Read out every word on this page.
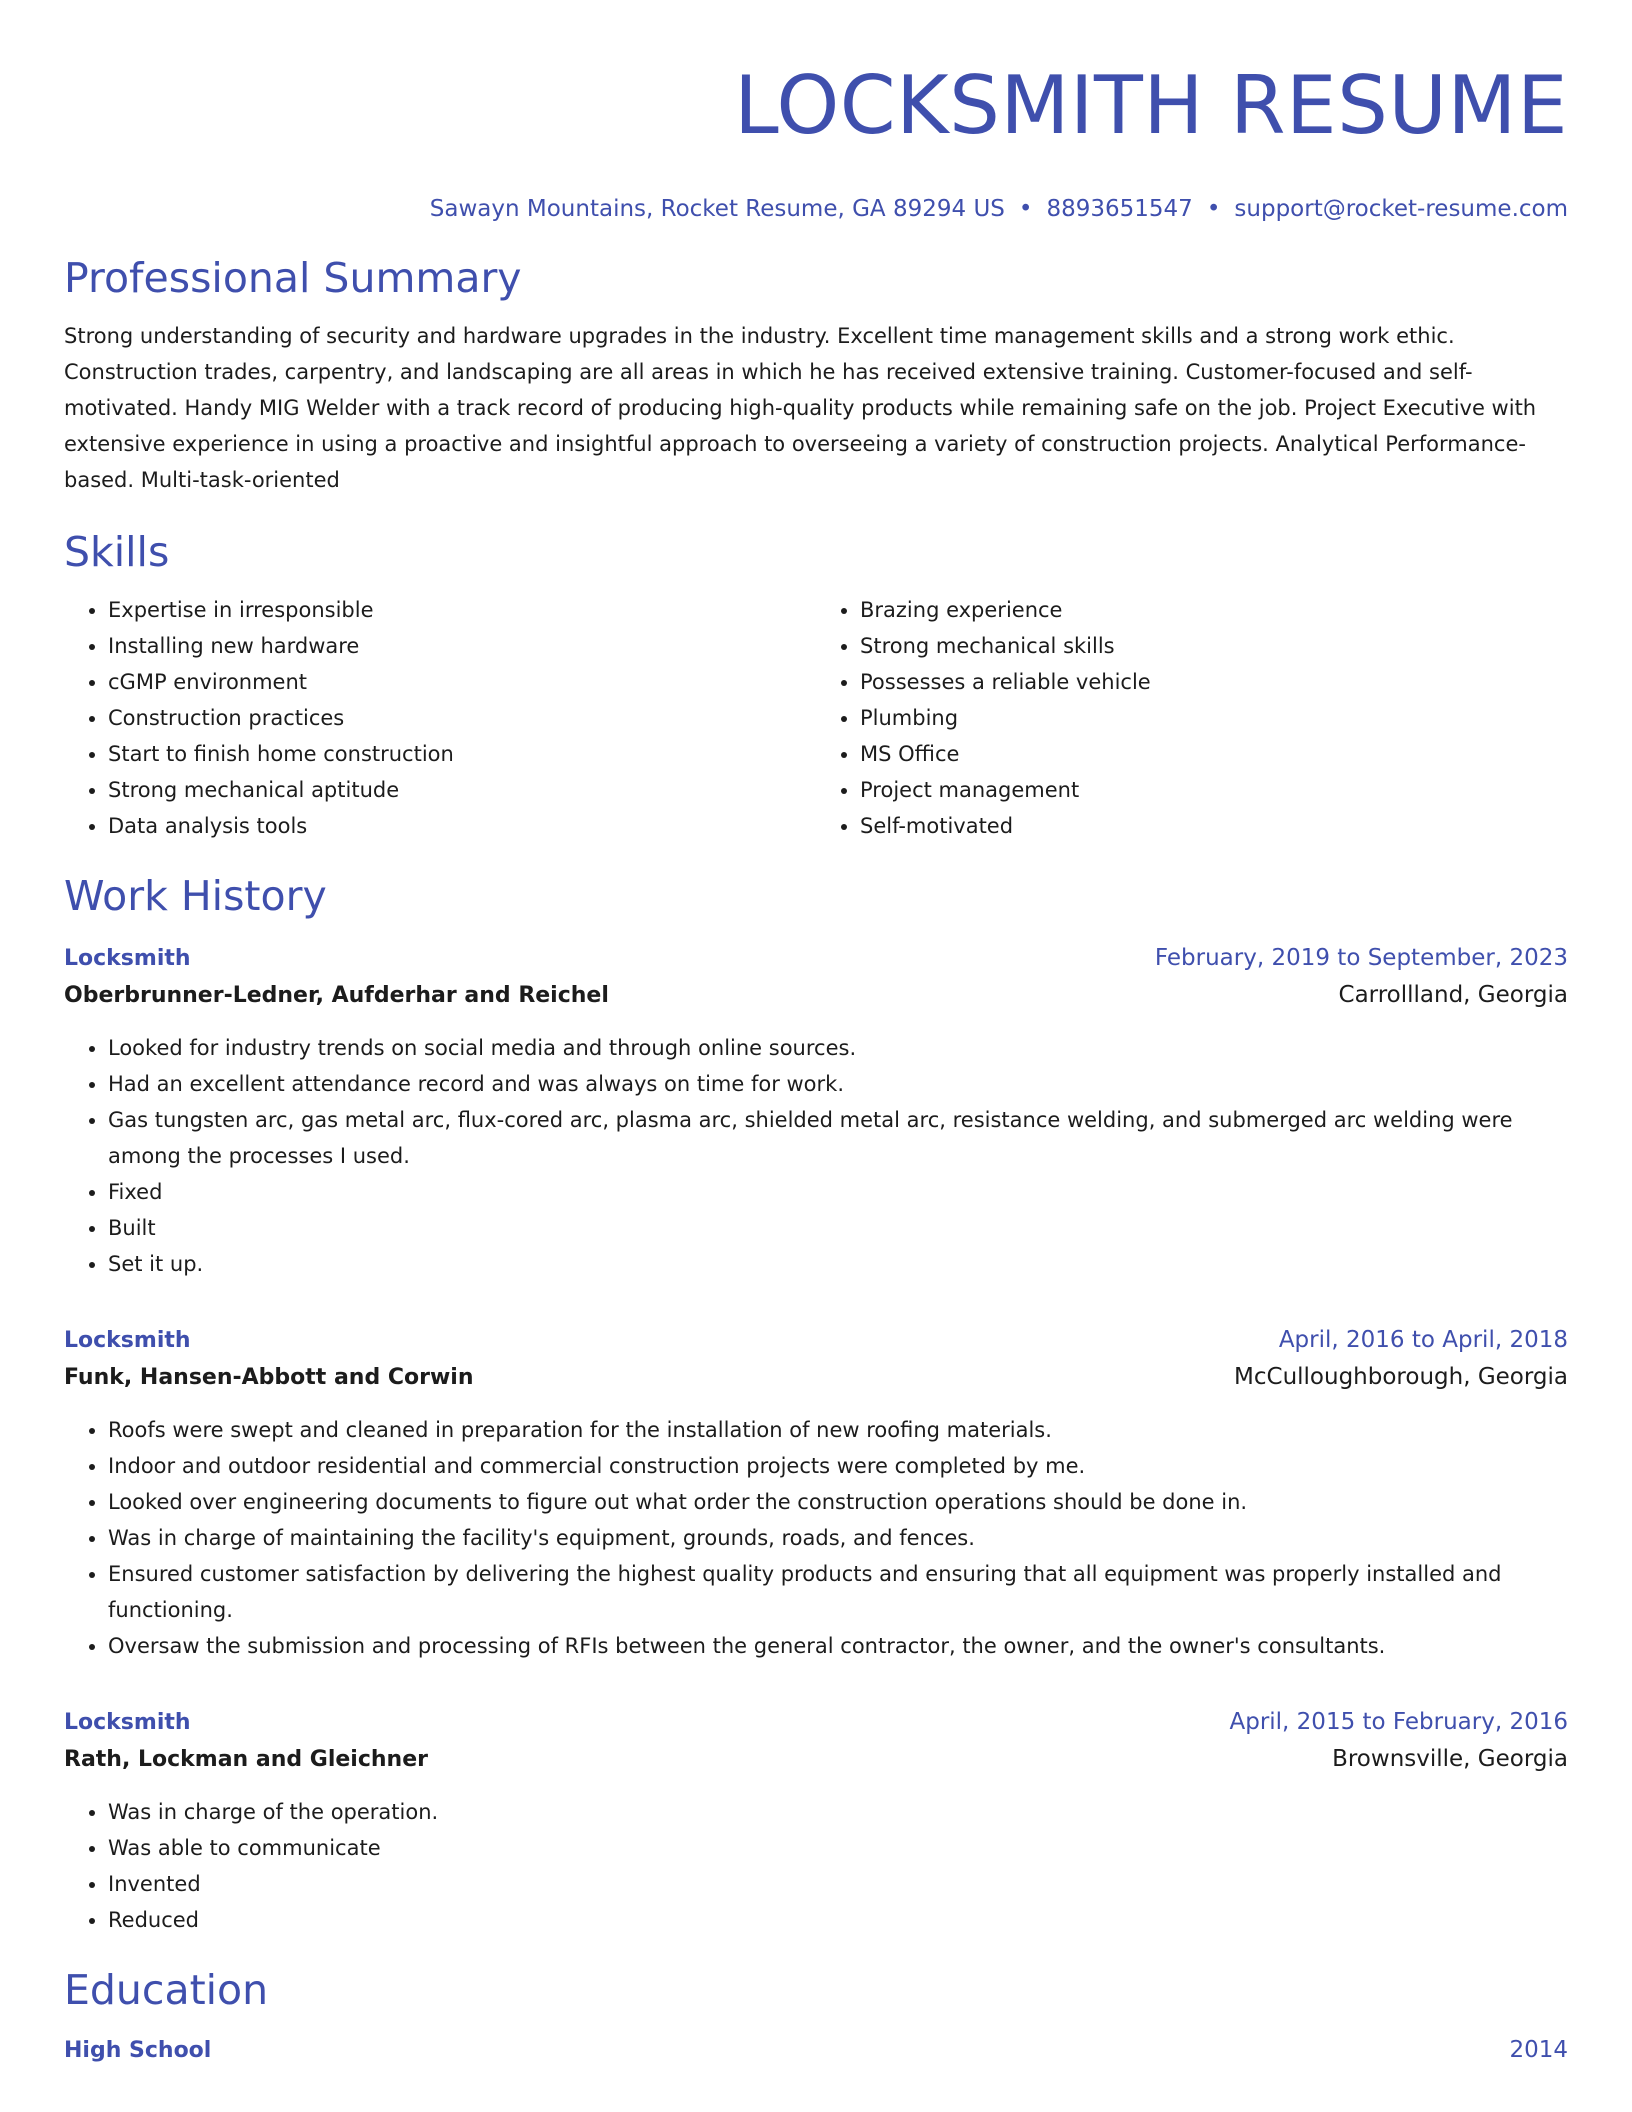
LOCKSMITH RESUME
Sawayn Mountains, Rocket Resume, GA 89294 US • 8893651547 • support@rocket-resume.com
Professional Summary

Strong understanding of security and hardware upgrades in the industry. Excellent time management skills and a strong work ethic. Construction trades, carpentry, and landscaping are all areas in which he has received extensive training. Customer-focused and self-motivated. Handy MIG Welder with a track record of producing high-quality products while remaining safe on the job. Project Executive with extensive experience in using a proactive and insightful approach to overseeing a variety of construction projects. Analytical Performance-based. Multi-task-oriented

Skills
• Expertise in irresponsible
• Installing new hardware
• cGMP environment
• Construction practices
• Start to finish home construction
• Strong mechanical aptitude
• Data analysis tools
• Brazing experience
• Strong mechanical skills
• Possesses a reliable vehicle
• Plumbing
• MS Office
• Project management
• Self-motivated
Work History
Locksmith	February, 2019 to September, 2023
Oberbrunner-Ledner, Aufderhar and Reichel	Carrollland, Georgia
• Looked for industry trends on social media and through online sources.
• Had an excellent attendance record and was always on time for work.
• Gas tungsten arc, gas metal arc, flux-cored arc, plasma arc, shielded metal arc, resistance welding, and submerged arc welding were among the processes I used.
• Fixed
• Built
• Set it up.
Locksmith	April, 2016 to April, 2018
Funk, Hansen-Abbott and Corwin	McCulloughborough, Georgia
• Roofs were swept and cleaned in preparation for the installation of new roofing materials.
• Indoor and outdoor residential and commercial construction projects were completed by me.
• Looked over engineering documents to figure out what order the construction operations should be done in.
• Was in charge of maintaining the facility's equipment, grounds, roads, and fences.
• Ensured customer satisfaction by delivering the highest quality products and ensuring that all equipment was properly installed and functioning.
• Oversaw the submission and processing of RFIs between the general contractor, the owner, and the owner's consultants.
Locksmith	April, 2015 to February, 2016
Rath, Lockman and Gleichner	Brownsville, Georgia
• Was in charge of the operation.
• Was able to communicate
• Invented
• Reduced
Education
High School	2014
